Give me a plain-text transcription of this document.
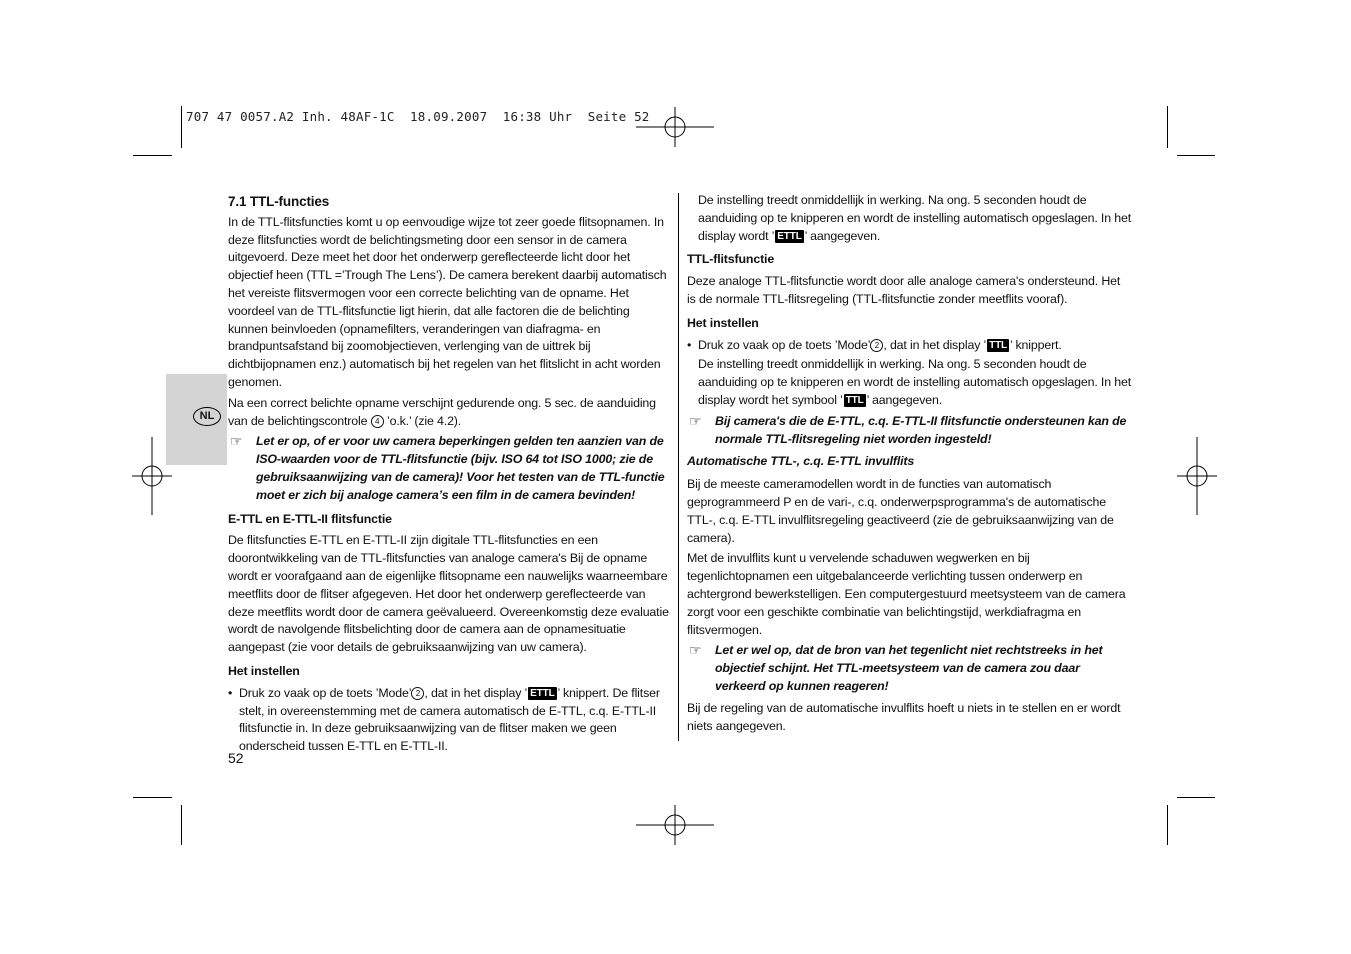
707 47 0057.A2 Inh. 48AF-1C  18.09.2007  16:38 Uhr  Seite 52
NL
7.1 TTL-functies

In de TTL-flitsfuncties komt u op eenvoudige wijze tot zeer goede flitsopnamen. In deze flitsfuncties wordt de belichtingsmeting door een sensor in de camera uitgevoerd. Deze meet het door het onderwerp gereflecteerde licht door het objectief heen (TTL =’Trough The Lens’). De camera berekent daarbij automatisch het vereiste flitsvermogen voor een correcte belichting van de opname. Het voordeel van de TTL-flitsfunctie ligt hierin, dat alle factoren die de belichting kunnen beinvloeden (opnamefilters, veranderingen van diafragma- en brandpuntsafstand bij zoomobjectieven, verlenging van de uittrek bij dichtbijopnamen enz.) automatisch bij het regelen van het flitslicht in acht worden genomen.

Na een correct belichte opname verschijnt gedurende ong. 5 sec. de aanduiding van de belichtingscontrole 4 ’o.k.’ (zie 4.2).

☞ Let er op, of er voor uw camera beperkingen gelden ten aanzien van de ISO-waarden voor de TTL-flitsfunctie (bijv. ISO 64 tot ISO 1000; zie de gebruiksaanwijzing van de camera)! Voor het testen van de TTL-functie moet er zich bij analoge camera’s een film in de camera bevinden!
E-TTL en E-TTL-II flitsfunctie

De flitsfuncties E-TTL en E-TTL-II zijn digitale TTL-flitsfuncties en een doorontwikkeling van de TTL-flitsfuncties van analoge camera's Bij de opname wordt er voorafgaand aan de eigenlijke flitsopname een nauwelijks waarneembare meetflits door de flitser afgegeven. Het door het onderwerp gereflecteerde van deze meetflits wordt door de camera geëvalueerd. Overeenkomstig deze evaluatie wordt de navolgende flitsbelichting door de camera aan de opnamesituatie aangepast (zie voor details de gebruiksaanwijzing van uw camera).

Het instellen
• Druk zo vaak op de toets ’Mode’ 2 , dat in het display ’ ETTL ’ knippert. De flitser stelt, in overeenstemming met de camera automatisch de E-TTL, c.q. E-TTL-II flitsfunctie in. In deze gebruiksaanwijzing van de flitser maken we geen onderscheid tussen E-TTL en E-TTL-II.

De instelling treedt onmiddellijk in werking. Na ong. 5 seconden houdt de aanduiding op te knipperen en wordt de instelling automatisch opgeslagen. In het display wordt ’ ETTL ’ aangegeven.

TTL-flitsfunctie

Deze analoge TTL-flitsfunctie wordt door alle analoge camera's ondersteund. Het is de normale TTL-flitsregeling (TTL-flitsfunctie zonder meetflits vooraf).

Het instellen
• Druk zo vaak op de toets ’Mode’ 2 , dat in het display ’ TTL ’ knippert.

De instelling treedt onmiddellijk in werking. Na ong. 5 seconden houdt de aanduiding op te knipperen en wordt de instelling automatisch opgeslagen. In het display wordt het symbool ’ TTL ’ aangegeven.

☞ Bij camera's die de E-TTL, c.q. E-TTL-II flitsfunctie ondersteunen kan de normale TTL-flitsregeling niet worden ingesteld!
Automatische TTL-, c.q. E-TTL invulflits

Bij de meeste cameramodellen wordt in de functies van automatisch geprogrammeerd P en de vari-, c.q. onderwerpsprogramma's de automatische TTL-, c.q. E-TTL invulflitsregeling geactiveerd (zie de gebruiksaanwijzing van de camera).

Met de invulflits kunt u vervelende schaduwen wegwerken en bij tegenlichtopnamen een uitgebalanceerde verlichting tussen onderwerp en achtergrond bewerkstelligen. Een computergestuurd meetsysteem van de camera zorgt voor een geschikte combinatie van belichtingstijd, werkdiafragma en flitsvermogen.

☞ Let er wel op, dat de bron van het tegenlicht niet rechtstreeks in het objectief schijnt. Het TTL-meetsysteem van de camera zou daar verkeerd op kunnen reageren!

Bij de regeling van de automatische invulflits hoeft u niets in te stellen en er wordt niets aangegeven.

52
